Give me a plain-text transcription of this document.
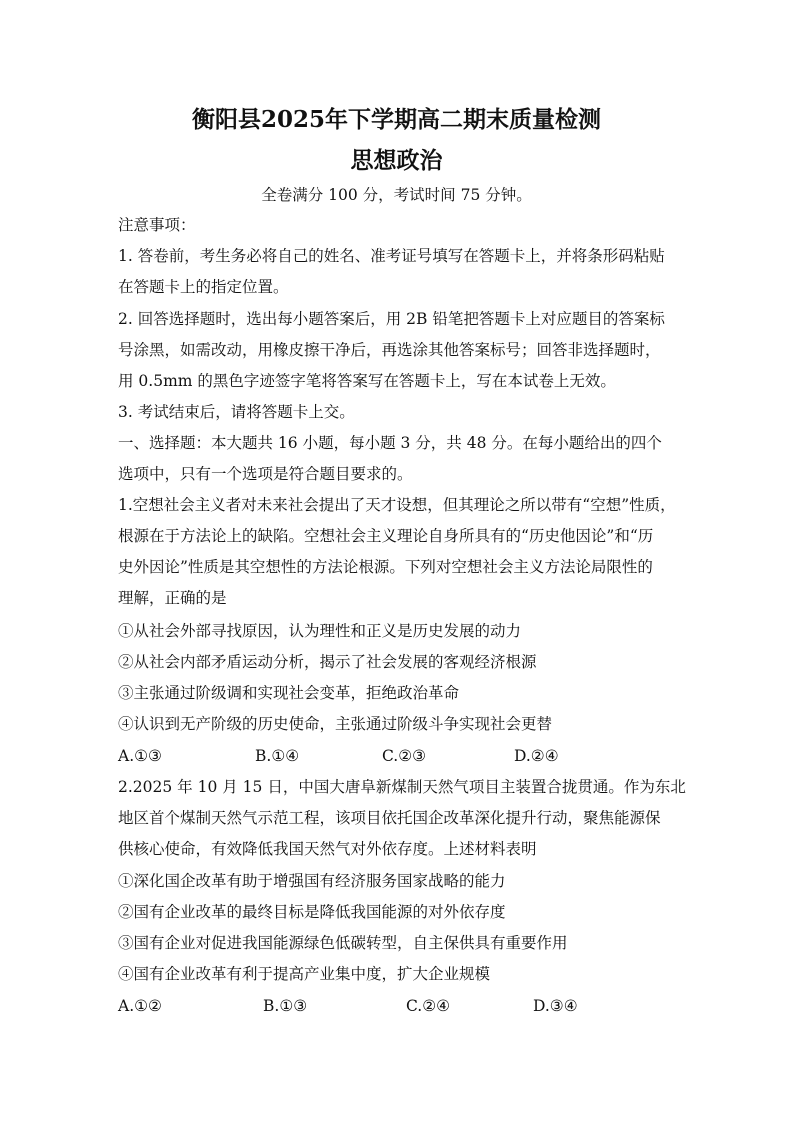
衡阳县2025年下学期高二期末质量检测
思想政治
全卷满分 100 分，考试时间 75 分钟。
注意事项：
1. 答卷前，考生务必将自己的姓名、准考证号填写在答题卡上，并将条形码粘贴
在答题卡上的指定位置。
2. 回答选择题时，选出每小题答案后，用 2B 铅笔把答题卡上对应题目的答案标
号涂黑，如需改动，用橡皮擦干净后，再选涂其他答案标号；回答非选择题时，
用 0.5mm 的黑色字迹签字笔将答案写在答题卡上，写在本试卷上无效。
3. 考试结束后，请将答题卡上交。
一、选择题：本大题共 16 小题，每小题 3 分，共 48 分。在每小题给出的四个
选项中，只有一个选项是符合题目要求的。
1.空想社会主义者对未来社会提出了天才设想，但其理论之所以带有“空想”性质，
根源在于方法论上的缺陷。空想社会主义理论自身所具有的“历史他因论”和“历
史外因论”性质是其空想性的方法论根源。下列对空想社会主义方法论局限性的
理解，正确的是
①从社会外部寻找原因，认为理性和正义是历史发展的动力
②从社会内部矛盾运动分析，揭示了社会发展的客观经济根源
③主张通过阶级调和实现社会变革，拒绝政治革命
④认识到无产阶级的历史使命，主张通过阶级斗争实现社会更替
A.①③	B.①④	C.②③	D.②④
2.2025 年 10 月 15 日，中国大唐阜新煤制天然气项目主装置合拢贯通。作为东北
地区首个煤制天然气示范工程，该项目依托国企改革深化提升行动，聚焦能源保
供核心使命，有效降低我国天然气对外依存度。上述材料表明
①深化国企改革有助于增强国有经济服务国家战略的能力
②国有企业改革的最终目标是降低我国能源的对外依存度
③国有企业对促进我国能源绿色低碳转型，自主保供具有重要作用
④国有企业改革有利于提高产业集中度，扩大企业规模
A.①②	B.①③	C.②④	D.③④
